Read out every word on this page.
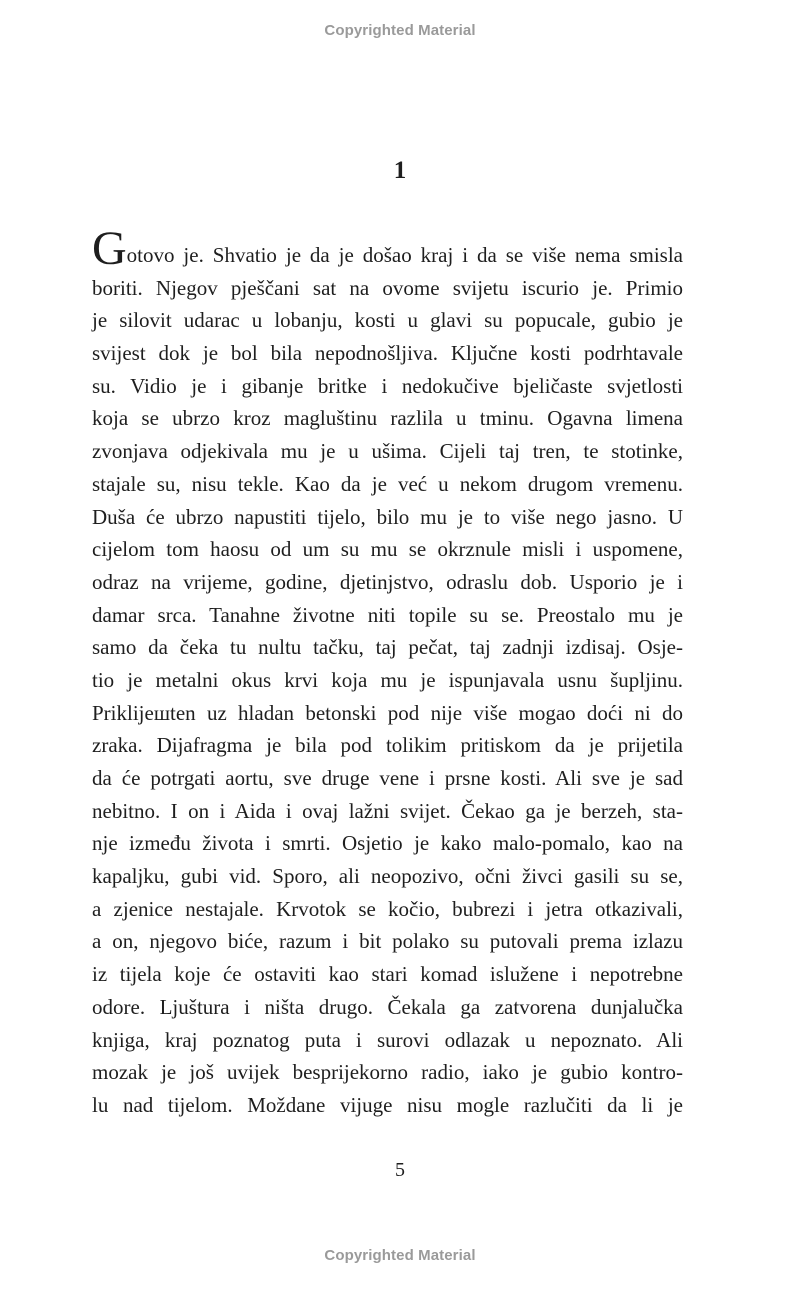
Copyrighted Material
1
Gotovo je. Shvatio je da je došao kraj i da se više nema smisla
boriti. Njegov pješčani sat na ovome svijetu iscurio je. Primio
je silovit udarac u lobanju, kosti u glavi su popucale, gubio je
svijest dok je bol bila nepodnošljiva. Ključne kosti podrhtavale
su. Vidio je i gibanje britke i nedokučive bjeličaste svjetlosti
koja se ubrzo kroz magluštinu razlila u tminu. Ogavna limena
zvonjava odjekivala mu je u ušima. Cijeli taj tren, te stotinke,
stajale su, nisu tekle. Kao da je već u nekom drugom vremenu.
Duša će ubrzo napustiti tijelo, bilo mu je to više nego jasno. U
cijelom tom haosu od um su mu se okrznule misli i uspomene,
odraz na vrijeme, godine, djetinjstvo, odraslu dob. Usporio je i
damar srca. Tanahne životne niti topile su se. Preostalo mu je
samo da čeka tu nultu tačku, taj pečat, taj zadnji izdisaj. Osje-
tio je metalni okus krvi koja mu je ispunjavala usnu šupljinu.
Priklijешten uz hladan betonski pod nije više mogao doći ni do
zraka. Dijafragma je bila pod tolikim pritiskom da je prijetila
da će potrgati aortu, sve druge vene i prsne kosti. Ali sve je sad
nebitno. I on i Aida i ovaj lažni svijet. Čekao ga je berzeh, sta-
nje između života i smrti. Osjetio je kako malo-pomalo, kao na
kapaljku, gubi vid. Sporo, ali neopozivo, očni živci gasili su se,
a zjenice nestajale. Krvotok se kočio, bubrezi i jetra otkazivali,
a on, njegovo biće, razum i bit polako su putovali prema izlazu
iz tijela koje će ostaviti kao stari komad isluženе i nepotrebne
odore. Ljuštura i ništa drugo. Čekala ga zatvorena dunjalučka
knjiga, kraj poznatog puta i surovi odlazak u nepoznato. Ali
mozak je još uvijek besprijekorno radio, iako je gubio kontro-
lu nad tijelom. Moždane vijuge nisu mogle razlučiti da li je
5
Copyrighted Material
